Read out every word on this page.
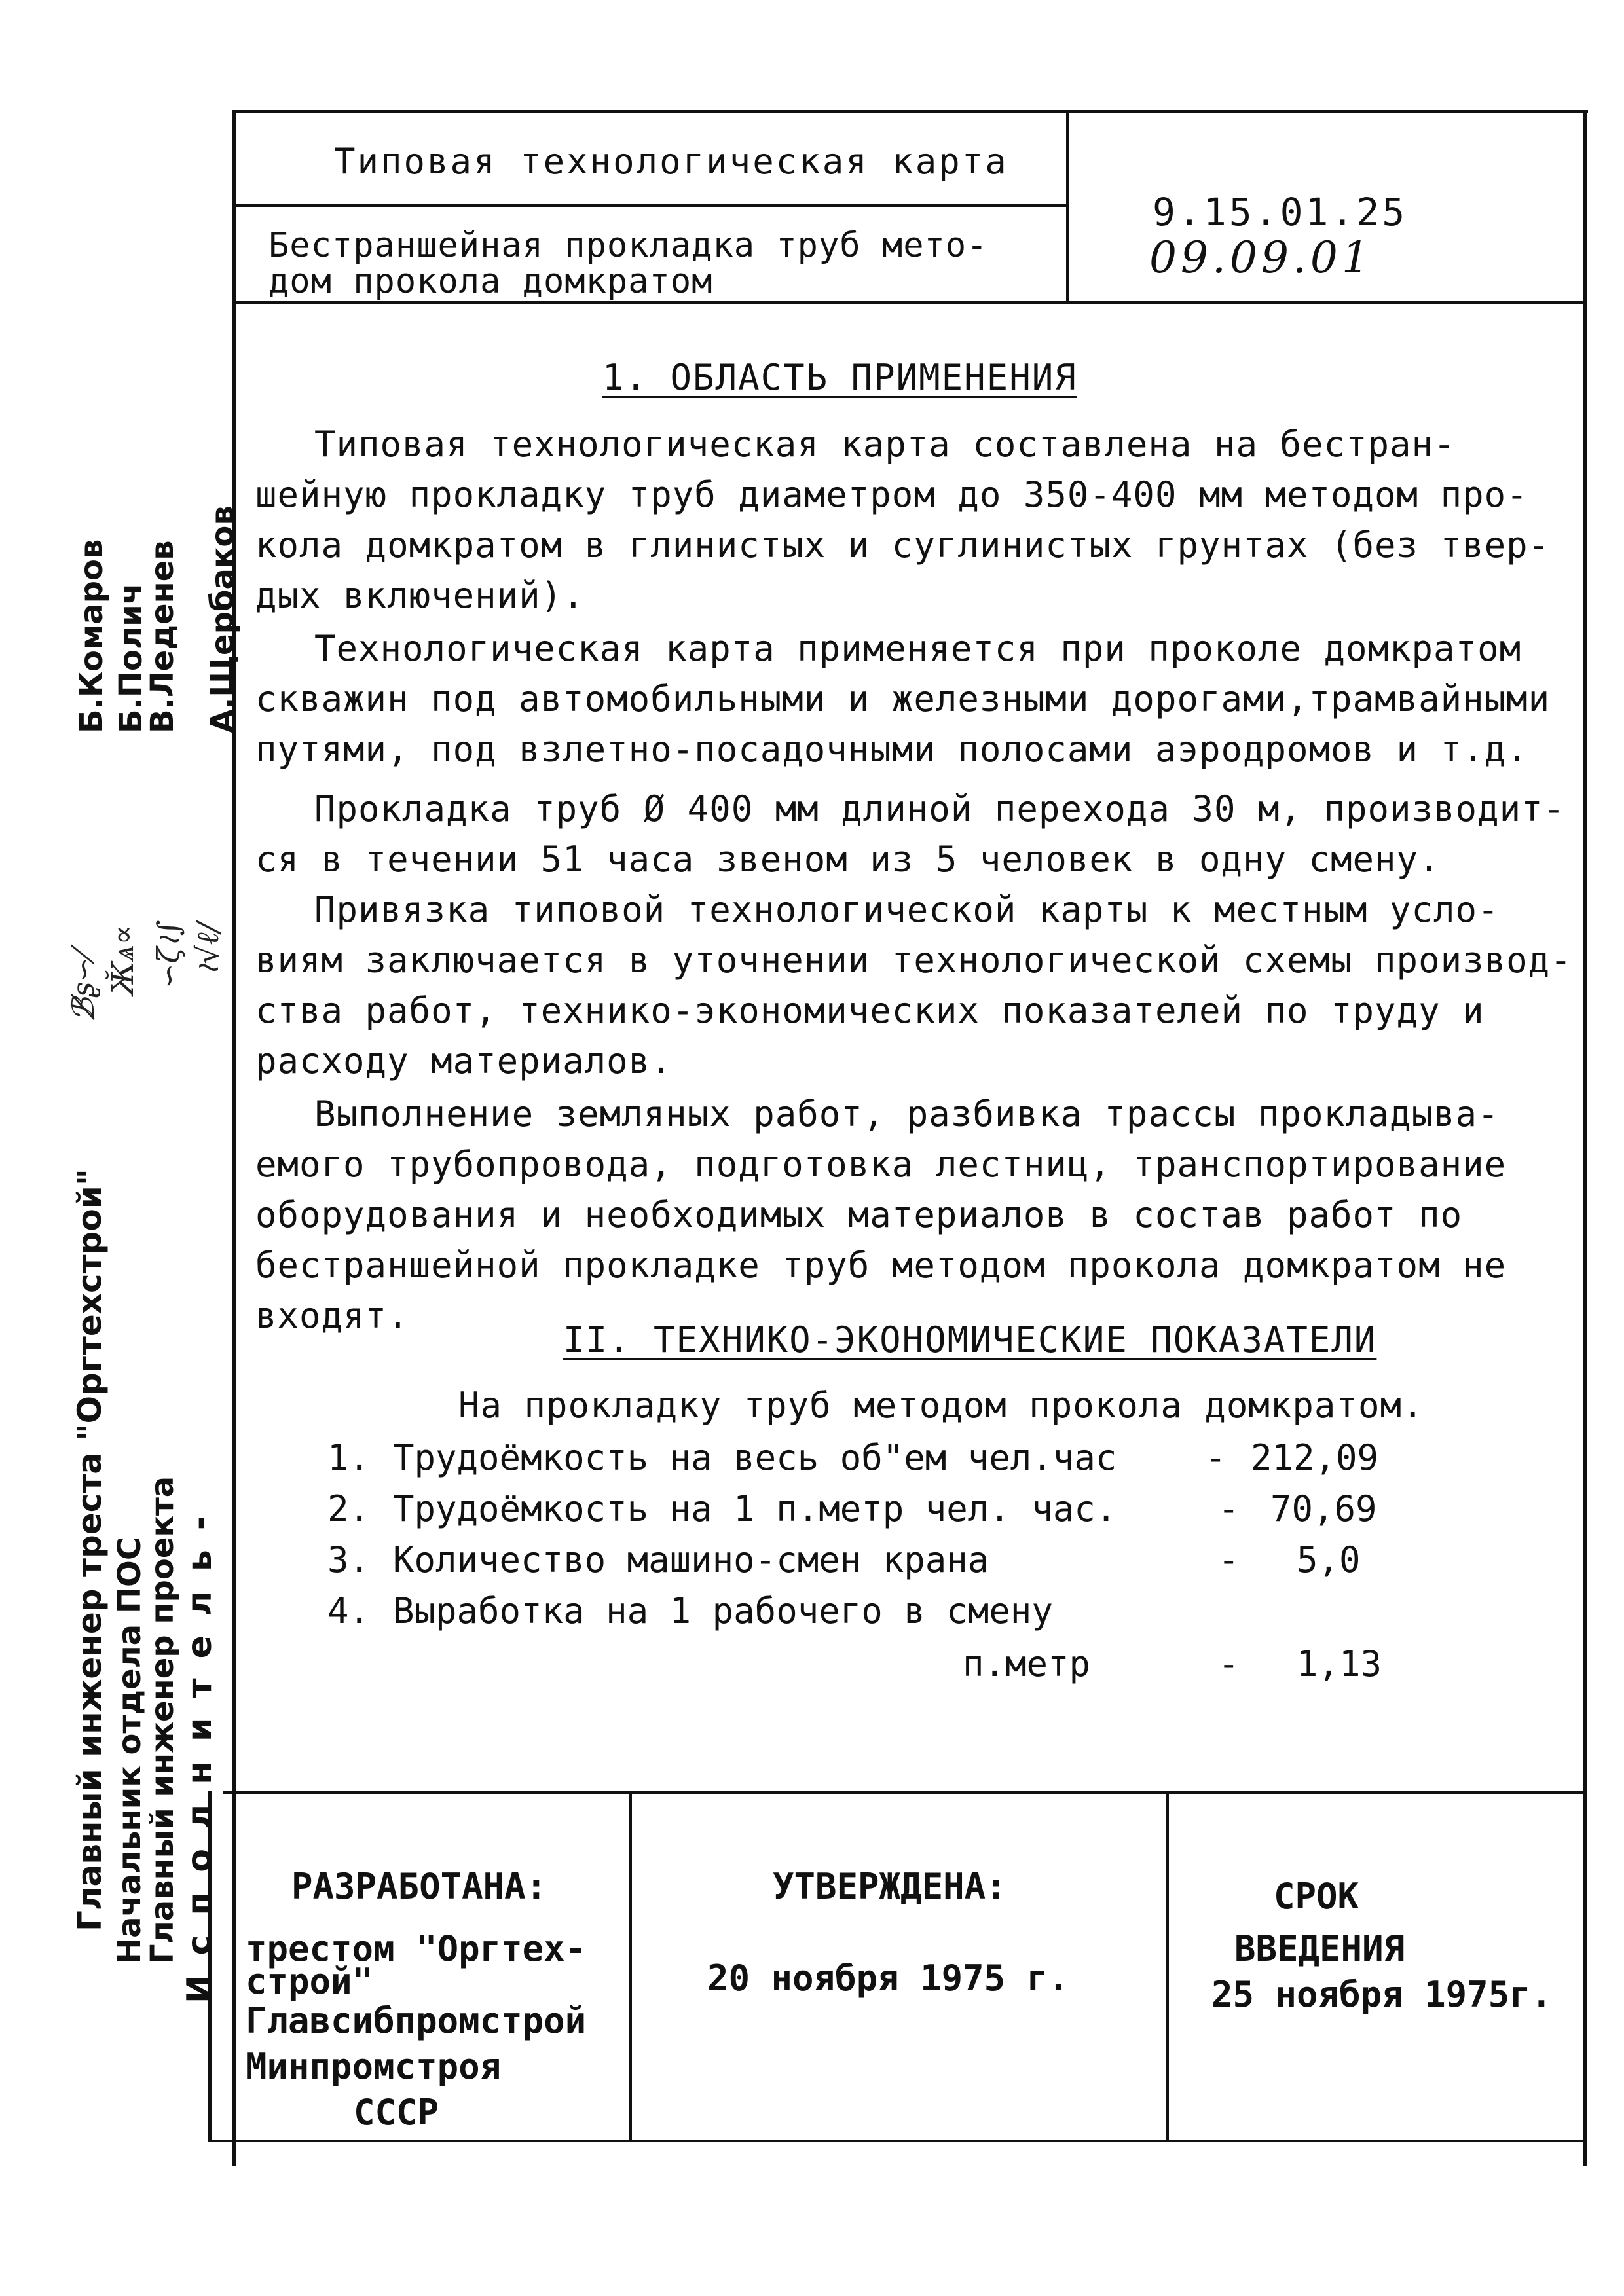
Типовая технологическая карта
Бестраншейная прокладка труб мето-
дом прокола домкратом
9.15.01.25
09.09.01
1. ОБЛАСТЬ ПРИМЕНЕНИЯ

Типовая технологическая карта составлена на бестран-
шейную прокладку труб диаметром до 350-400 мм методом про-
кола домкратом в глинистых и суглинистых грунтах (без твер-
дых включений).

Технологическая карта применяется при проколе домкратом
скважин под автомобильными и железными дорогами,трамвайными
путями, под взлетно-посадочными полосами аэродромов и т.д.

Прокладка труб Ø 400 мм длиной перехода 30 м, производит-
ся в течении 51 часа звеном из 5 человек в одну смену.

Привязка типовой технологической карты к местным усло-
виям заключается в уточнении технологической схемы производ-
ства работ, технико-экономических показателей по труду и
расходу материалов.

Выполнение земляных работ, разбивка трассы прокладыва-
емого трубопровода, подготовка лестниц, транспортирование
оборудования и необходимых материалов в состав работ по
бестраншейной прокладке труб методом прокола домкратом не
входят.

II. ТЕХНИКО-ЭКОНОМИЧЕСКИЕ ПОКАЗАТЕЛИ
На прокладку труб методом прокола домкратом.
1. Трудоёмкость на весь об"ем чел.час - 212,09
2. Трудоёмкость на 1 п.метр чел. час.	- 70,69
3. Количество машино-смен крана	- 5,0
4. Выработка на 1 рабочего в смену
п.метр	- 1,13
РАЗРАБОТАНА:
трестом "Оргтех-
строй"
Главсибпромстрой
Минпромстроя
СССР
УТВЕРЖДЕНА:
20 ноября 1975 г.
СРОК
ВВЕДЕНИЯ
25 ноября 1975г.
Б.Комаров Б.Полич
В.Леденев А.Щербаков
ℬ̸ʂ∽⁄ Ӂѧ∝ ∽ζ≀∫ ≀√ℓ∕
Главный инженер треста "Оргтехстрой" Начальник отдела ПОС
Главный инженер проекта Исполнитель-
